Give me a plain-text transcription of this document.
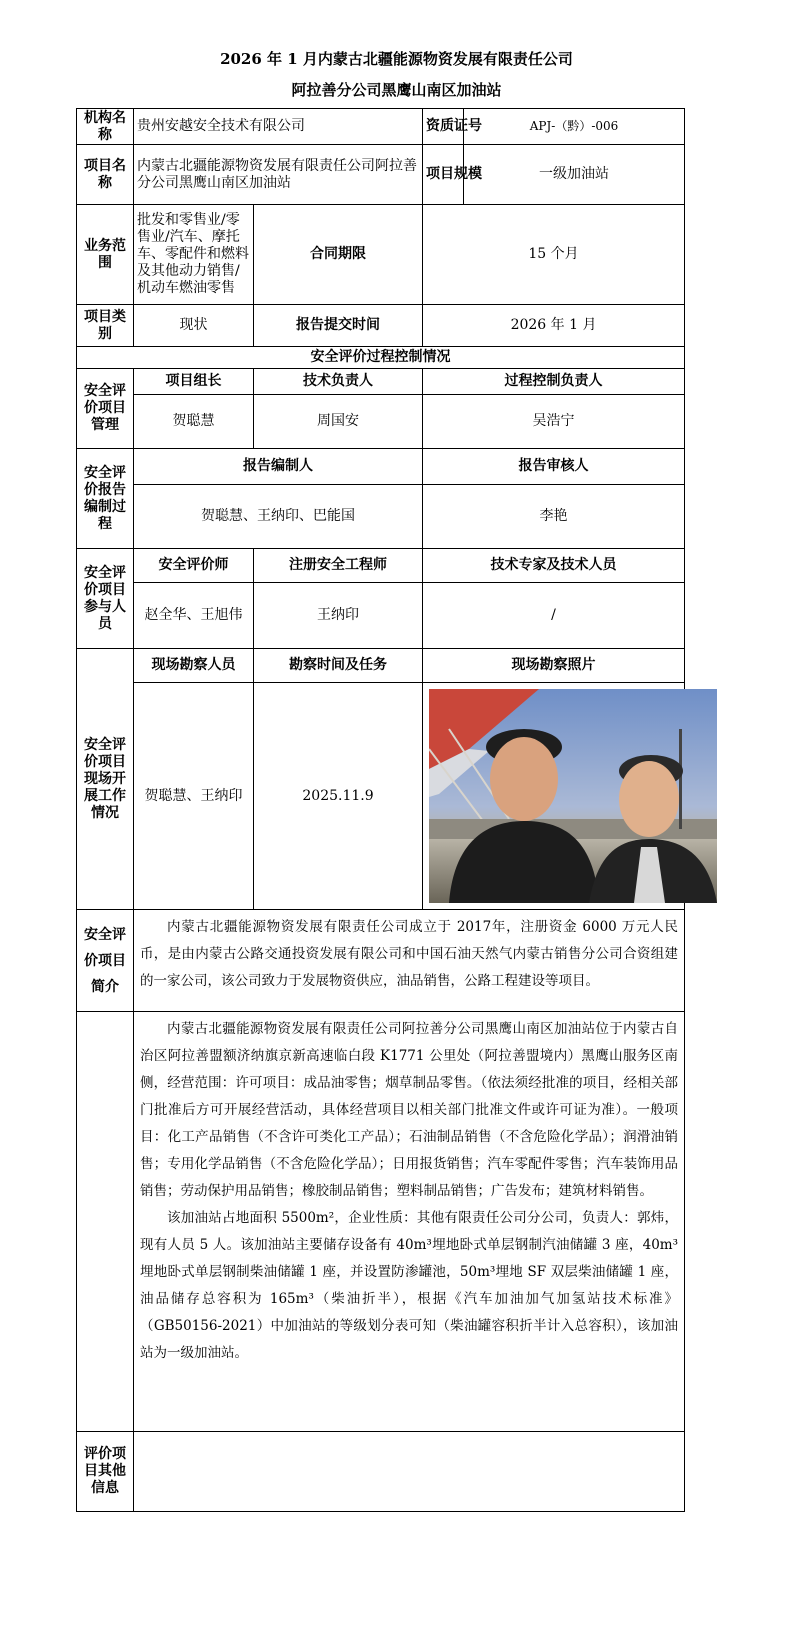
2026 年 1 月内蒙古北疆能源物资发展有限责任公司
阿拉善分公司黑鹰山南区加油站
机构名称	贵州安越安全技术有限公司		资质证号	APJ-（黔）-006
项目名称	内蒙古北疆能源物资发展有限责任公司阿拉善分公司黑鹰山南区加油站		项目规模	一级加油站
业务范围	批发和零售业/零售业/汽车、摩托车、零配件和燃料及其他动力销售/机动车燃油零售	合同期限	15 个月	
项目类别	现状	报告提交时间	2026 年 1 月	
安全评价过程控制情况				
安全评价项目管理	项目组长	技术负责人	过程控制负责人	
	贺聪慧	周国安	吴浩宁	
安全评价报告编制过程	报告编制人		报告审核人	
	贺聪慧、王纳印、巴能国		李艳	
安全评价项目参与人员	安全评价师	注册安全工程师	技术专家及技术人员	
	赵全华、王旭伟	王纳印	/	
安全评价项目现场开展工作情况	现场勘察人员	勘察时间及任务	现场勘察照片	
	贺聪慧、王纳印	2025.11.9	

安全评价项目简介	内蒙古北疆能源物资发展有限责任公司成立于 2017年，注册资金 6000 万元人民币，是由内蒙古公路交通投资发展有限公司和中国石油天然气内蒙古销售分公司合资组建的一家公司，该公司致力于发展物资供应，油品销售，公路工程建设等项目。			

	内蒙古北疆能源物资发展有限责任公司阿拉善分公司黑鹰山南区加油站位于内蒙古自治区阿拉善盟额济纳旗京新高速临白段 K1771 公里处（阿拉善盟境内）黑鹰山服务区南侧，经营范围：许可项目：成品油零售；烟草制品零售。（依法须经批准的项目，经相关部门批准后方可开展经营活动，具体经营项目以相关部门批准文件或许可证为准）。一般项目：化工产品销售（不含许可类化工产品）；石油制品销售（不含危险化学品）；润滑油销售；专用化学品销售（不含危险化学品）；日用报货销售；汽车零配件零售；汽车装饰用品销售；劳动保护用品销售；橡胶制品销售；塑料制品销售；广告发布；建筑材料销售。

该加油站占地面积 5500m²，企业性质：其他有限责任公司分公司，负责人：郭炜，现有人员 5 人。该加油站主要储存设备有 40m³埋地卧式单层钢制汽油储罐 3 座，40m³埋地卧式单层钢制柴油储罐 1 座，并设置防渗罐池，50m³埋地 SF 双层柴油储罐 1 座，油品储存总容积为 165m³（柴油折半），根据《汽车加油加气加氢站技术标准》（GB50156-2021）中加油站的等级划分表可知（柴油罐容积折半计入总容积），该加油站为一级加油站。			

评价项目其他信息				
